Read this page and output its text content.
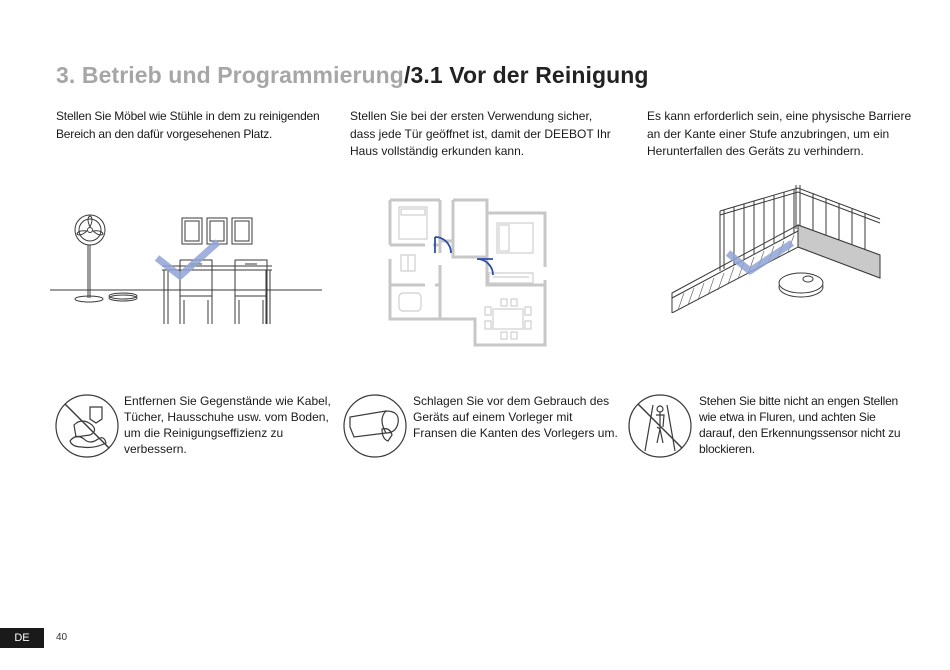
3. Betrieb und Programmierung/3.1 Vor der Reinigung
Stellen Sie Möbel wie Stühle in dem zu reinigenden Bereich an den dafür vorgesehenen Platz.
Stellen Sie bei der ersten Verwendung sicher, dass jede Tür geöffnet ist, damit der DEEBOT Ihr Haus vollständig erkunden kann.
Es kann erforderlich sein, eine physische Barriere an der Kante einer Stufe anzubringen, um ein Herunterfallen des Geräts zu verhindern.
Entfernen Sie Gegenstände wie Kabel, Tücher, Hausschuhe usw. vom Boden, um die Reinigungseffizienz zu verbessern.
Schlagen Sie vor dem Gebrauch des Geräts auf einem Vorleger mit Fransen die Kanten des Vorlegers um.
Stehen Sie bitte nicht an engen Stellen wie etwa in Fluren, und achten Sie darauf, den Erkennungssensor nicht zu blockieren.
DE	40
